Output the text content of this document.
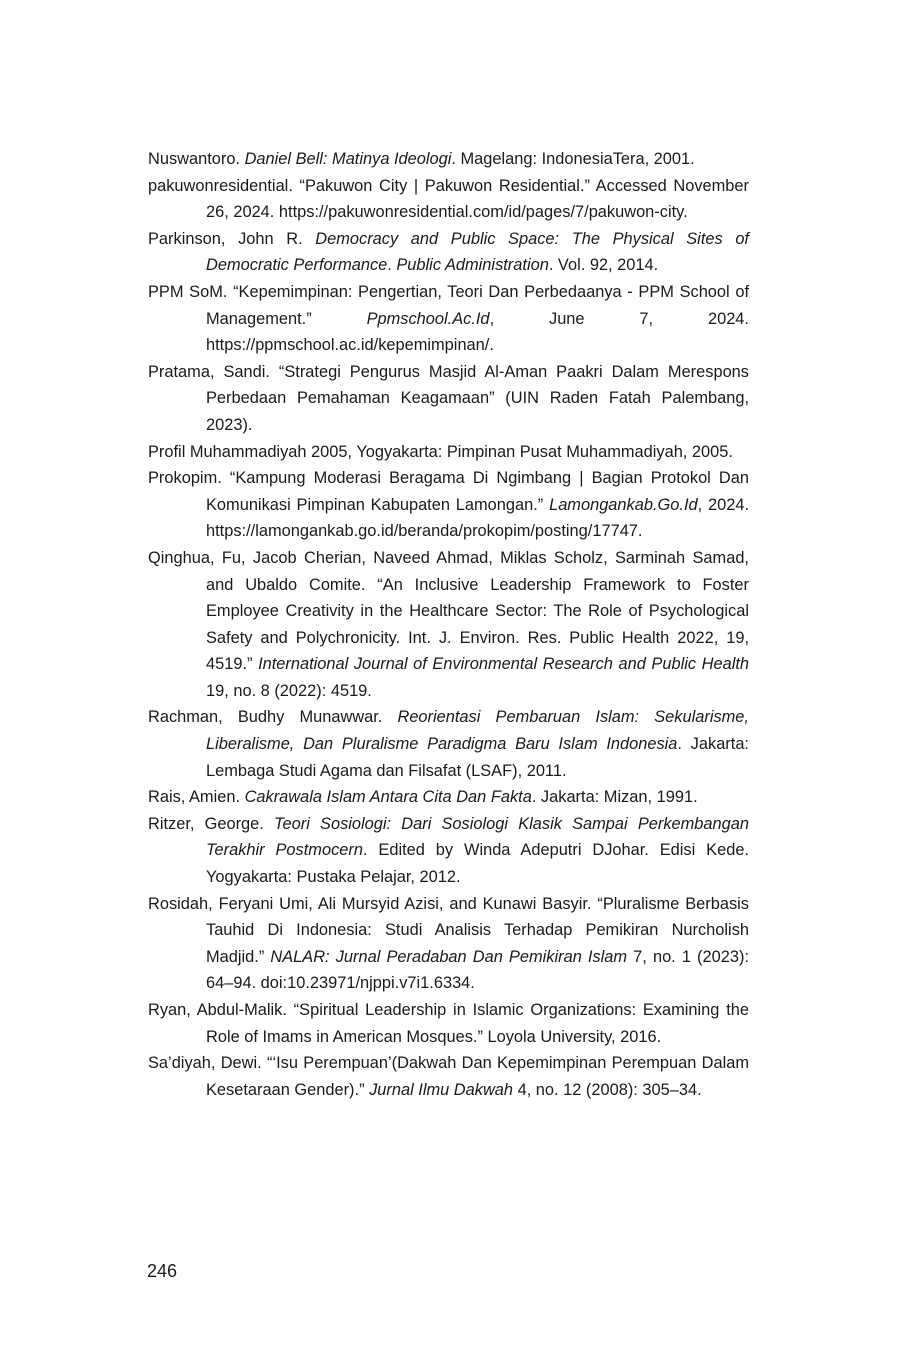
Nuswantoro. Daniel Bell: Matinya Ideologi. Magelang: IndonesiaTera, 2001.

pakuwonresidential. “Pakuwon City | Pakuwon Residential.” Accessed November 26, 2024. https://pakuwonresidential.com/id/pages/7/pakuwon-city.

Parkinson, John R. Democracy and Public Space: The Physical Sites of Democratic Performance. Public Administration. Vol. 92, 2014.

PPM SoM. “Kepemimpinan: Pengertian, Teori Dan Perbedaanya - PPM School of Management.” Ppmschool.Ac.Id, June 7, 2024. https://ppmschool.ac.id/kepemimpinan/.

Pratama, Sandi. “Strategi Pengurus Masjid Al-Aman Paakri Dalam Merespons Perbedaan Pemahaman Keagamaan” (UIN Raden Fatah Palembang, 2023).

Profil Muhammadiyah 2005, Yogyakarta: Pimpinan Pusat Muhammadiyah, 2005.

Prokopim. “Kampung Moderasi Beragama Di Ngimbang | Bagian Protokol Dan Komunikasi Pimpinan Kabupaten Lamongan.” Lamongankab.Go.Id, 2024. https://lamongankab.go.id/beranda/prokopim/posting/17747.

Qinghua, Fu, Jacob Cherian, Naveed Ahmad, Miklas Scholz, Sarminah Samad, and Ubaldo Comite. “An Inclusive Leadership Framework to Foster Employee Creativity in the Healthcare Sector: The Role of Psychological Safety and Polychronicity. Int. J. Environ. Res. Public Health 2022, 19, 4519.” International Journal of Environmental Research and Public Health 19, no. 8 (2022): 4519.

Rachman, Budhy Munawwar. Reorientasi Pembaruan Islam: Sekularisme, Liberalisme, Dan Pluralisme Paradigma Baru Islam Indonesia. Jakarta: Lembaga Studi Agama dan Filsafat (LSAF), 2011.

Rais, Amien. Cakrawala Islam Antara Cita Dan Fakta. Jakarta: Mizan, 1991.

Ritzer, George. Teori Sosiologi: Dari Sosiologi Klasik Sampai Perkembangan Terakhir Postmocern. Edited by Winda Adeputri DJohar. Edisi Kede. Yogyakarta: Pustaka Pelajar, 2012.

Rosidah, Feryani Umi, Ali Mursyid Azisi, and Kunawi Basyir. “Pluralisme Berbasis Tauhid Di Indonesia: Studi Analisis Terhadap Pemikiran Nurcholish Madjid.” NALAR: Jurnal Peradaban Dan Pemikiran Islam 7, no. 1 (2023): 64–94. doi:10.23971/njppi.v7i1.6334.

Ryan, Abdul-Malik. “Spiritual Leadership in Islamic Organizations: Examining the Role of Imams in American Mosques.” Loyola University, 2016.

Sa’diyah, Dewi. “‘Isu Perempuan’(Dakwah Dan Kepemimpinan Perempuan Dalam Kesetaraan Gender).” Jurnal Ilmu Dakwah 4, no. 12 (2008): 305–34.

246
